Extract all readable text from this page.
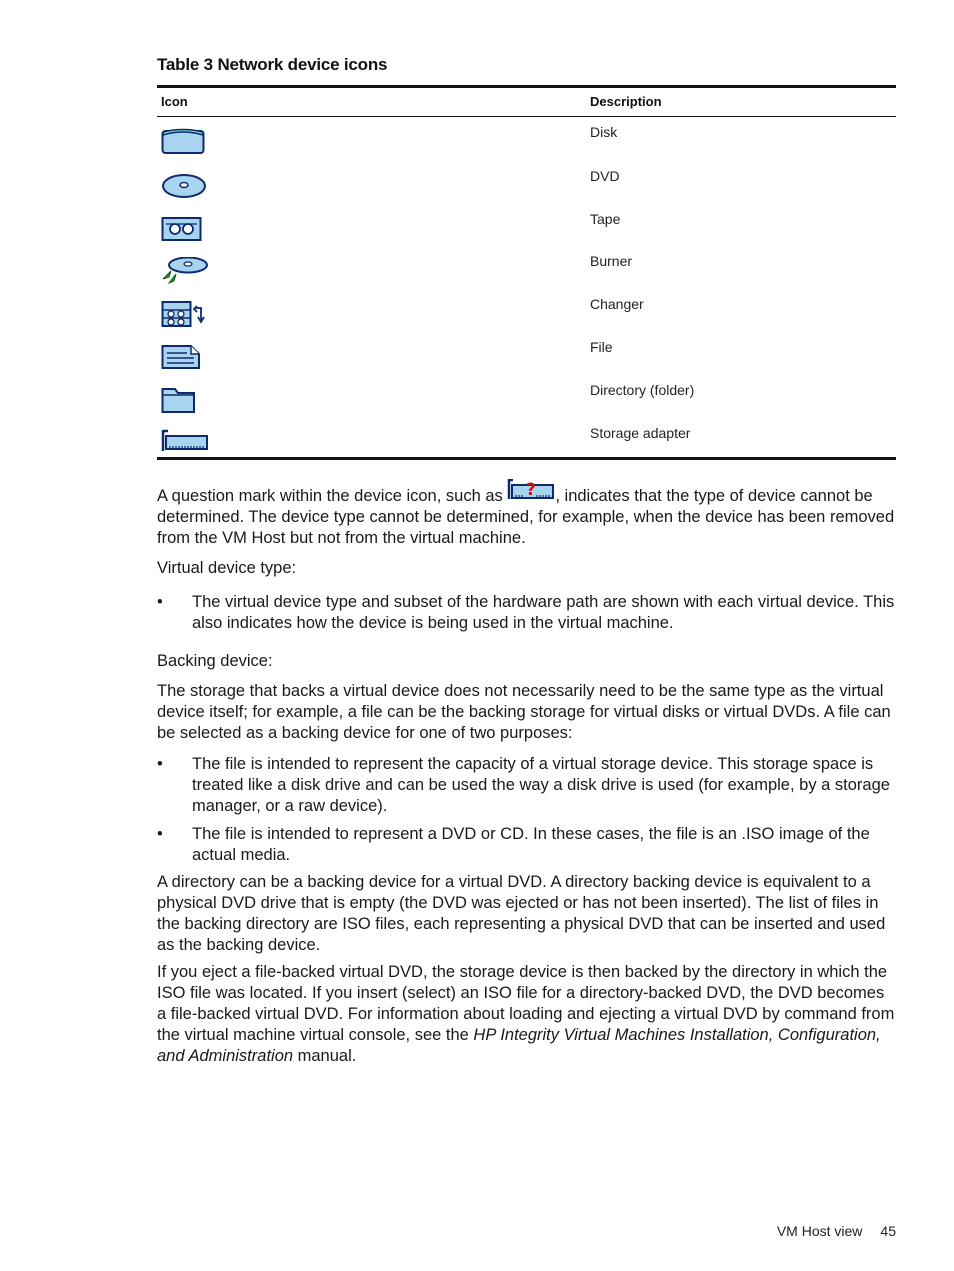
Table 3 Network device icons
Icon	Description
Disk
DVD
Tape
Burner
Changer
File
Directory (folder)
Storage adapter
A question mark within the device icon, such as ? , indicates that the type of device cannot be determined. The device type cannot be determined, for example, when the device has been removed from the VM Host but not from the virtual machine.
Virtual device type:
• The virtual device type and subset of the hardware path are shown with each virtual device. This also indicates how the device is being used in the virtual machine.
Backing device:
The storage that backs a virtual device does not necessarily need to be the same type as the virtual device itself; for example, a file can be the backing storage for virtual disks or virtual DVDs. A file can be selected as a backing device for one of two purposes:
• The file is intended to represent the capacity of a virtual storage device. This storage space is treated like a disk drive and can be used the way a disk drive is used (for example, by a storage manager, or a raw device).
• The file is intended to represent a DVD or CD. In these cases, the file is an .ISO image of the actual media.
A directory can be a backing device for a virtual DVD. A directory backing device is equivalent to a physical DVD drive that is empty (the DVD was ejected or has not been inserted). The list of files in the backing directory are ISO files, each representing a physical DVD that can be inserted and used as the backing device.
If you eject a file-backed virtual DVD, the storage device is then backed by the directory in which the ISO file was located. If you insert (select) an ISO file for a directory-backed DVD, the DVD becomes a file-backed virtual DVD. For information about loading and ejecting a virtual DVD by command from the virtual machine virtual console, see the HP Integrity Virtual Machines Installation, Configuration, and Administration manual.
VM Host view 45
